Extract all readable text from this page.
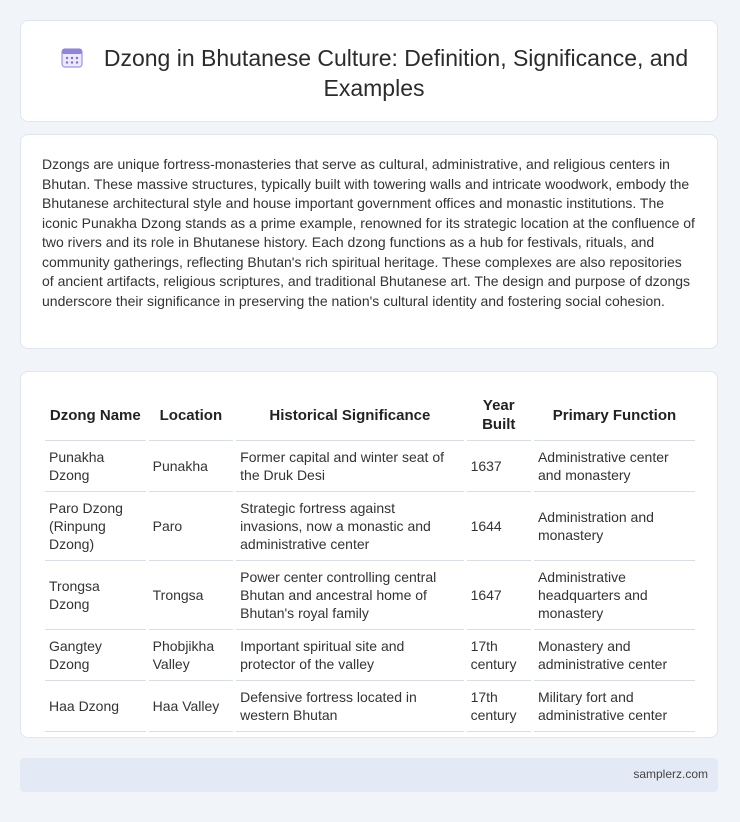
Dzong in Bhutanese Culture: Definition, Significance, and Examples

Dzongs are unique fortress-monasteries that serve as cultural, administrative, and religious centers in Bhutan. These massive structures, typically built with towering walls and intricate woodwork, embody the Bhutanese architectural style and house important government offices and monastic institutions. The iconic Punakha Dzong stands as a prime example, renowned for its strategic location at the confluence of two rivers and its role in Bhutanese history. Each dzong functions as a hub for festivals, rituals, and community gatherings, reflecting Bhutan's rich spiritual heritage. These complexes are also repositories of ancient artifacts, religious scriptures, and traditional Bhutanese art. The design and purpose of dzongs underscore their significance in preserving the nation's cultural identity and fostering social cohesion.

Dzong Name	Location	Historical Significance	Year Built	Primary Function
Punakha Dzong	Punakha	Former capital and winter seat of the Druk Desi	1637	Administrative center and monastery
Paro Dzong (Rinpung Dzong)	Paro	Strategic fortress against invasions, now a monastic and administrative center	1644	Administration and monastery
Trongsa Dzong	Trongsa	Power center controlling central Bhutan and ancestral home of Bhutan's royal family	1647	Administrative headquarters and monastery
Gangtey Dzong	Phobjikha Valley	Important spiritual site and protector of the valley	17th century	Monastery and administrative center
Haa Dzong	Haa Valley	Defensive fortress located in western Bhutan	17th century	Military fort and administrative center
samplerz.com
